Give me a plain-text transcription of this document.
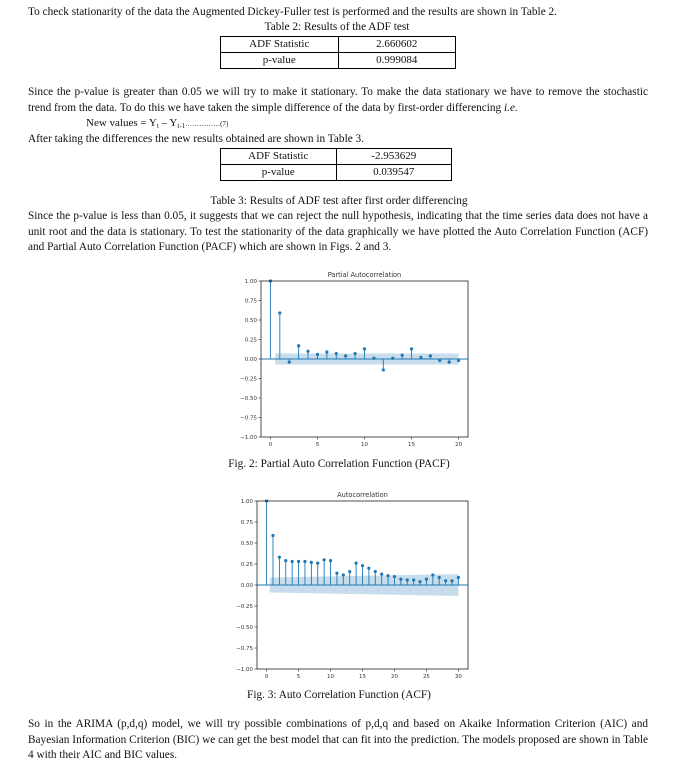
To check stationarity of the data the Augmented Dickey-Fuller test is performed and the results are shown in Table 2.
Table 2: Results of the ADF test
ADF Statistic	2.660602
p-value	0.999084
Since the p-value is greater than 0.05 we will try to make it stationary. To make the data stationary we have to remove the stochastic trend from the data. To do this we have taken the simple difference of the data by first-order differencing i.e.
New values = $Y_t$ – $Y_{t-1}\dots\dots\dots\dots\dots(7)$
After taking the differences the new results obtained are shown in Table 3.
ADF Statistic	-2.953629
p-value	0.039547
Table 3: Results of ADF test after first order differencing
Since the p-value is less than 0.05, it suggests that we can reject the null hypothesis, indicating that the time series data does not have a unit root and the data is stationary. To test the stationarity of the data graphically we have plotted the Auto Correlation Function (ACF) and Partial Auto Correlation Function (PACF) which are shown in Figs. 2 and 3.
1.00
0.75
0.50
0.25
0.00
−0.25
−0.50
−0.75
−1.00
0	5	10	15	20
Partial Autocorrelation
Fig. 2: Partial Auto Correlation Function (PACF)
1.00
0.75
0.50
0.25
0.00
−0.25
−0.50
−0.75
−1.00
0	5	10	15	20	25	30
Autocorrelation
Fig. 3: Auto Correlation Function (ACF)
So in the ARIMA (p,d,q) model, we will try possible combinations of p,d,q and based on Akaike Information Criterion (AIC) and Bayesian Information Criterion (BIC) we can get the best model that can fit into the prediction. The models proposed are shown in Table 4 with their AIC and BIC values.
